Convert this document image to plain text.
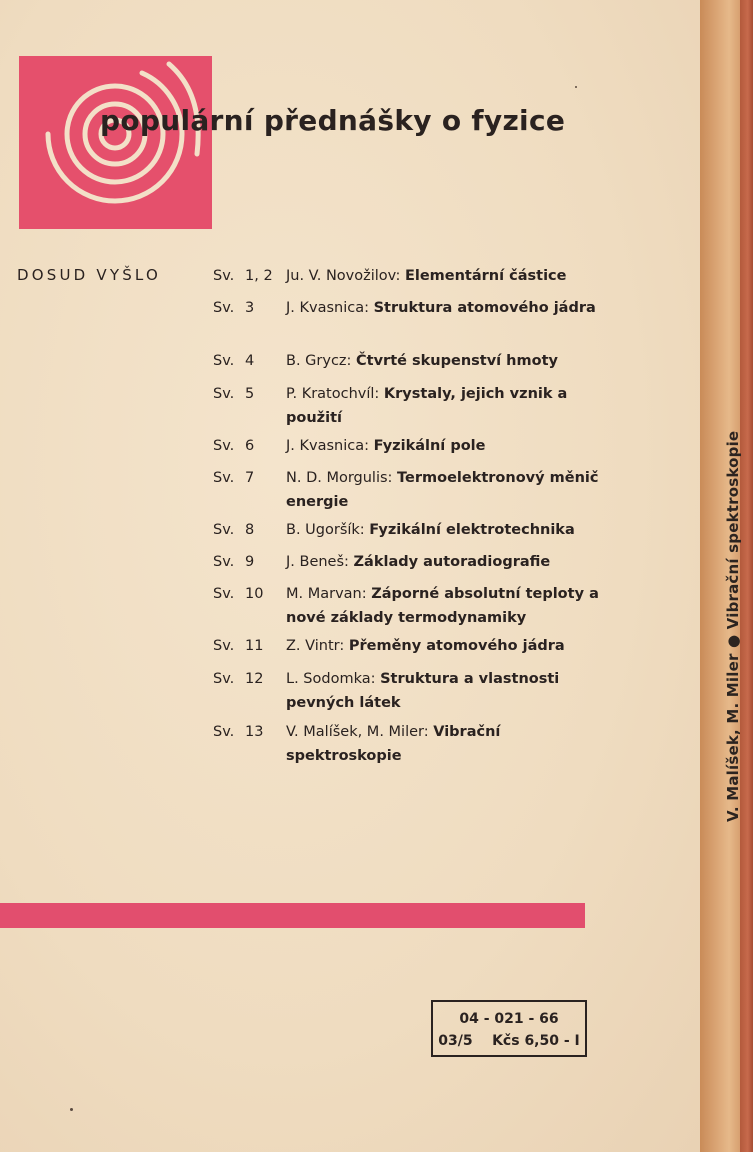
V. Malíšek, M. Miler ● Vibrační spektroskopie
populární přednášky o fyzice
DOSUD VYŠLO	Sv. 1, 2 Ju. V. Novožilov: Elementární částice
Sv. 3	J. Kvasnica: Struktura atomového jádra
Sv. 4	B. Grycz: Čtvrté skupenství hmoty
Sv. 5	P. Kratochvíl: Krystaly, jejich vznik a použití
Sv. 6	J. Kvasnica: Fyzikální pole
Sv. 7	N. D. Morgulis: Termoelektronový měnič energie
Sv. 8	B. Ugoršík: Fyzikální elektrotechnika
Sv. 9	J. Beneš: Základy autoradiografie
Sv. 10	M. Marvan: Záporné absolutní teploty a nové základy termodynamiky
Sv. 11	Z. Vintr: Přeměny atomového jádra
Sv. 12	L. Sodomka: Struktura a vlastnosti pevných látek
Sv. 13	V. Malíšek, M. Miler: Vibrační spektroskopie
04 - 021 - 66
03/5    Kčs 6,50 - I
